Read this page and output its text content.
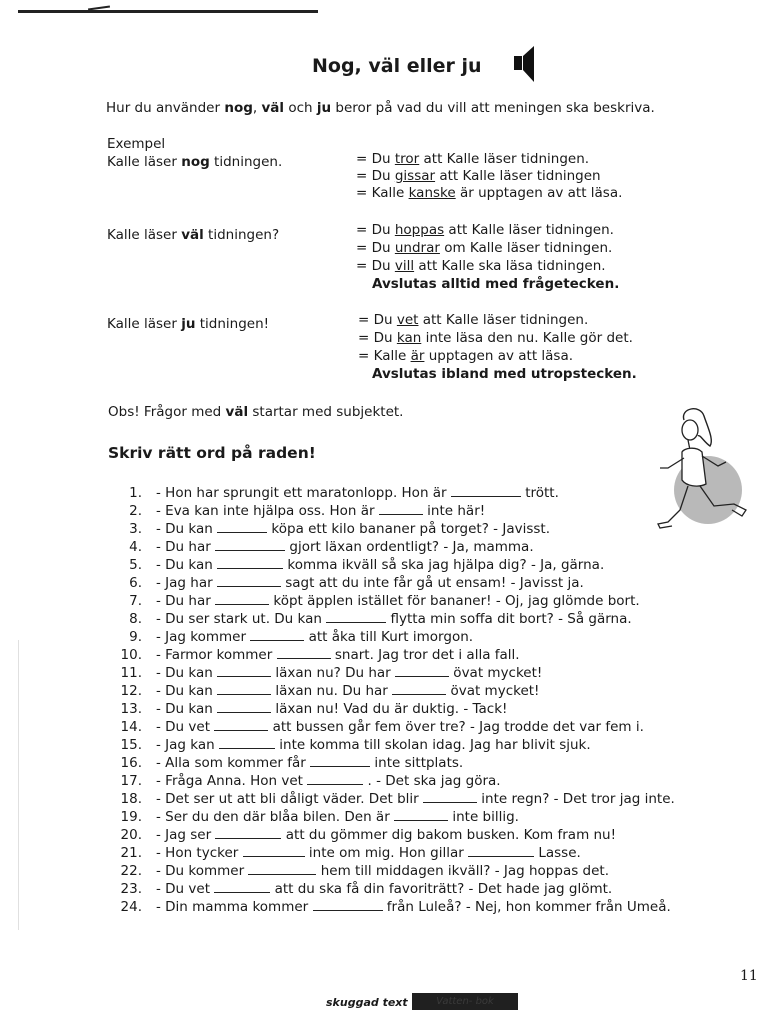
Nog, väl eller ju
Hur du använder nog, väl och ju beror på vad du vill att meningen ska beskriva.
Exempel
Kalle läser nog tidningen.	= Du tror att Kalle läser tidningen.
= Du gissar att Kalle läser tidningen
= Kalle kanske är upptagen av att läsa.
Kalle läser väl tidningen?	= Du hoppas att Kalle läser tidningen.
= Du undrar om Kalle läser tidningen.
= Du vill att Kalle ska läsa tidningen.
Avslutas alltid med frågetecken.
Kalle läser ju tidningen!	= Du vet att Kalle läser tidningen.
= Du kan inte läsa den nu. Kalle gör det.
= Kalle är upptagen av att läsa.
Avslutas ibland med utropstecken.
Obs! Frågor med väl startar med subjektet.
Skriv rätt ord på raden!
1. - Hon har sprungit ett maratonlopp. Hon är	trött.
2. - Eva kan inte hjälpa oss. Hon är	inte här!
3. - Du kan	köpa ett kilo bananer på torget? - Javisst.
4. - Du har	gjort läxan ordentligt? - Ja, mamma.
5. - Du kan	komma ikväll så ska jag hjälpa dig? - Ja, gärna.
6. - Jag har	sagt att du inte får gå ut ensam! - Javisst ja.
7. - Du har	köpt äpplen istället för bananer! - Oj, jag glömde bort.
8. - Du ser stark ut. Du kan	flytta min soffa dit bort? - Så gärna.
9. - Jag kommer	att åka till Kurt imorgon.
10. - Farmor kommer	snart. Jag tror det i alla fall.
11. - Du kan	läxan nu? Du har	övat mycket!
12. - Du kan	läxan nu. Du har	övat mycket!
13. - Du kan	läxan nu! Vad du är duktig. - Tack!
14. - Du vet	att bussen går fem över tre? - Jag trodde det var fem i.
15. - Jag kan	inte komma till skolan idag. Jag har blivit sjuk.
16. - Alla som kommer får	inte sittplats.
17. - Fråga Anna. Hon vet	. - Det ska jag göra.
18. - Det ser ut att bli dåligt väder. Det blir	inte regn? - Det tror jag inte.
19. - Ser du den där blåa bilen. Den är	inte billig.
20. - Jag ser	att du gömmer dig bakom busken. Kom fram nu!
21. - Hon tycker	inte om mig. Hon gillar	Lasse.
22. - Du kommer	hem till middagen ikväll? - Jag hoppas det.
23. - Du vet	att du ska få din favoriträtt? - Det hade jag glömt.
24. - Din mamma kommer	från Luleå? - Nej, hon kommer från Umeå.
11
skuggad text	Vatten- bok
